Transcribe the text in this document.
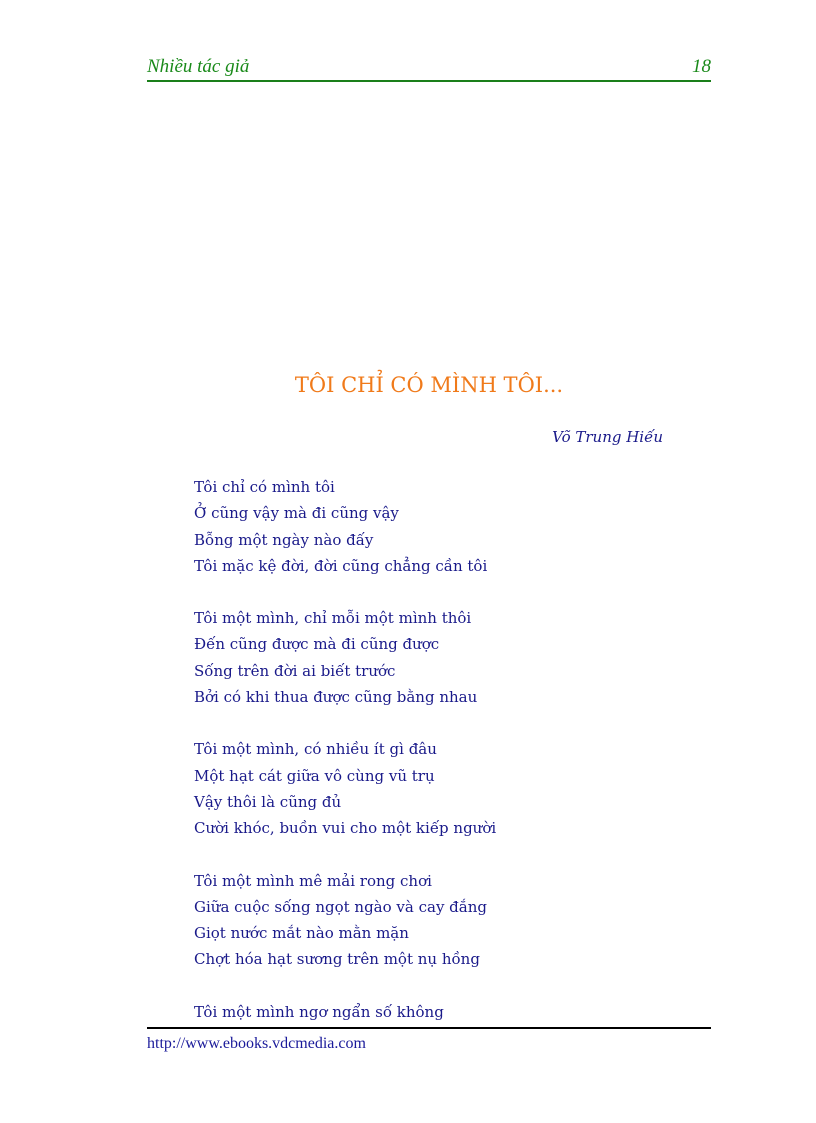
Nhiều tác giả	18
TÔI CHỈ CÓ MÌNH TÔI...
Võ Trung Hiếu
Tôi chỉ có mình tôi
Ở cũng vậy mà đi cũng vậy
Bỗng một ngày nào đấy
Tôi mặc kệ đời, đời cũng chẳng cần tôi
Tôi một mình, chỉ mỗi một mình thôi
Đến cũng được mà đi cũng được
Sống trên đời ai biết trước
Bởi có khi thua được cũng bằng nhau
Tôi một mình, có nhiều ít gì đâu
Một hạt cát giữa vô cùng vũ trụ
Vậy thôi là cũng đủ
Cười khóc, buồn vui cho một kiếp người
Tôi một mình mê mải rong chơi
Giữa cuộc sống ngọt ngào và cay đắng
Giọt nước mắt nào mằn mặn
Chợt hóa hạt sương trên một nụ hồng
Tôi một mình ngơ ngẩn số không
http://www.ebooks.vdcmedia.com
